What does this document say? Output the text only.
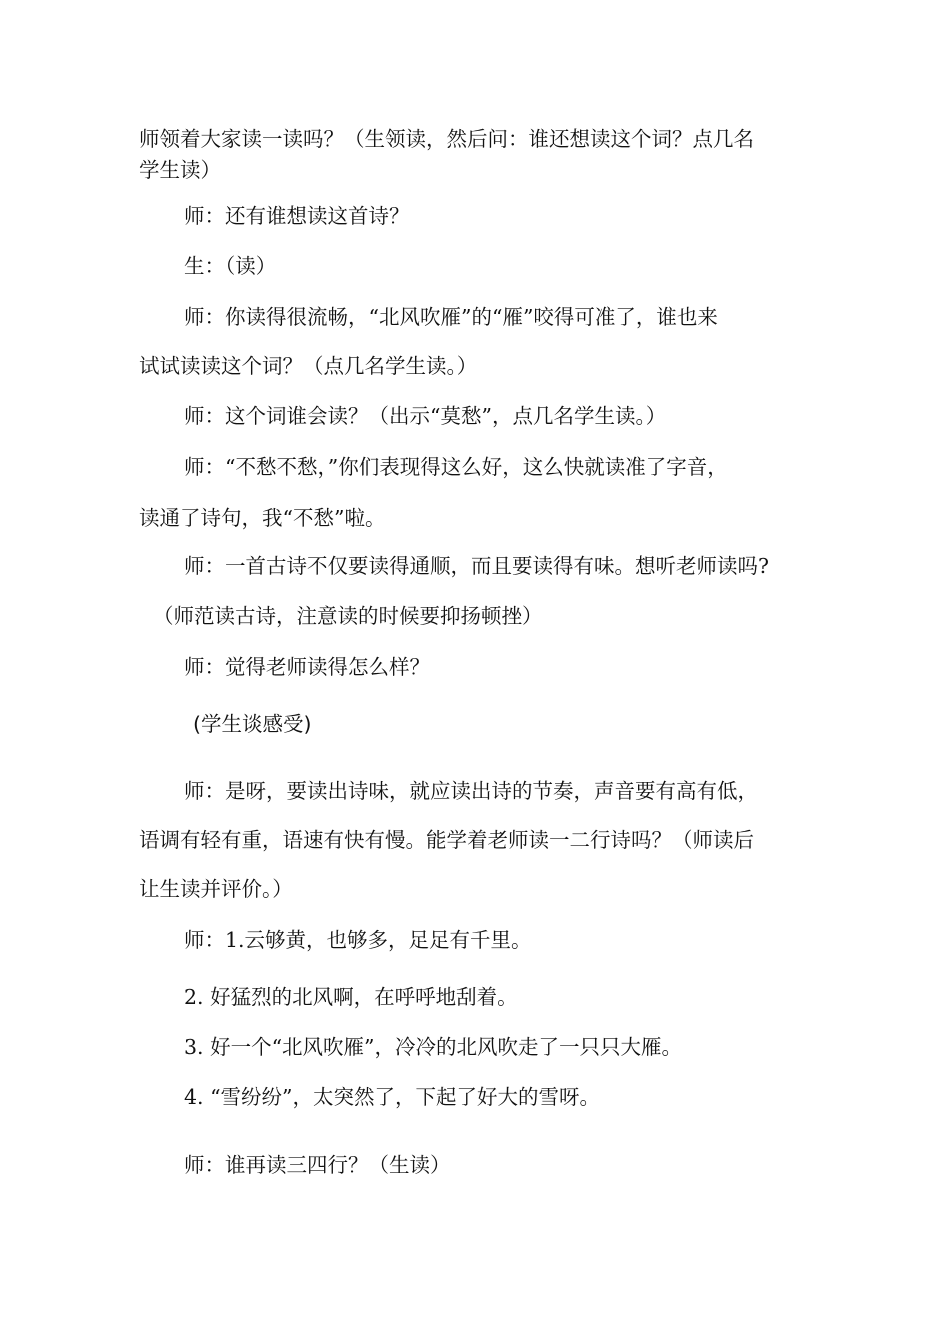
师领着大家读一读吗？（生领读，然后问：谁还想读这个词？点几名
学生读）
师：还有谁想读这首诗？
生：（读）
师：你读得很流畅，“北风吹雁”的“雁”咬得可准了，谁也来
试试读读这个词？（点几名学生读。）
师：这个词谁会读？（出示“莫愁”，点几名学生读。）
师：“不愁不愁，”你们表现得这么好，这么快就读准了字音，
读通了诗句，我“不愁”啦。
师：一首古诗不仅要读得通顺，而且要读得有味。想听老师读吗?
（师范读古诗，注意读的时候要抑扬顿挫）
师：觉得老师读得怎么样？
(学生谈感受)
师：是呀，要读出诗味，就应读出诗的节奏，声音要有高有低，
语调有轻有重，语速有快有慢。能学着老师读一二行诗吗？（师读后
让生读并评价。）
师：1.云够黄，也够多，足足有千里。
2. 好猛烈的北风啊，在呼呼地刮着。
3. 好一个“北风吹雁”，冷冷的北风吹走了一只只大雁。
4. “雪纷纷”，太突然了，下起了好大的雪呀。
师：谁再读三四行？（生读）
